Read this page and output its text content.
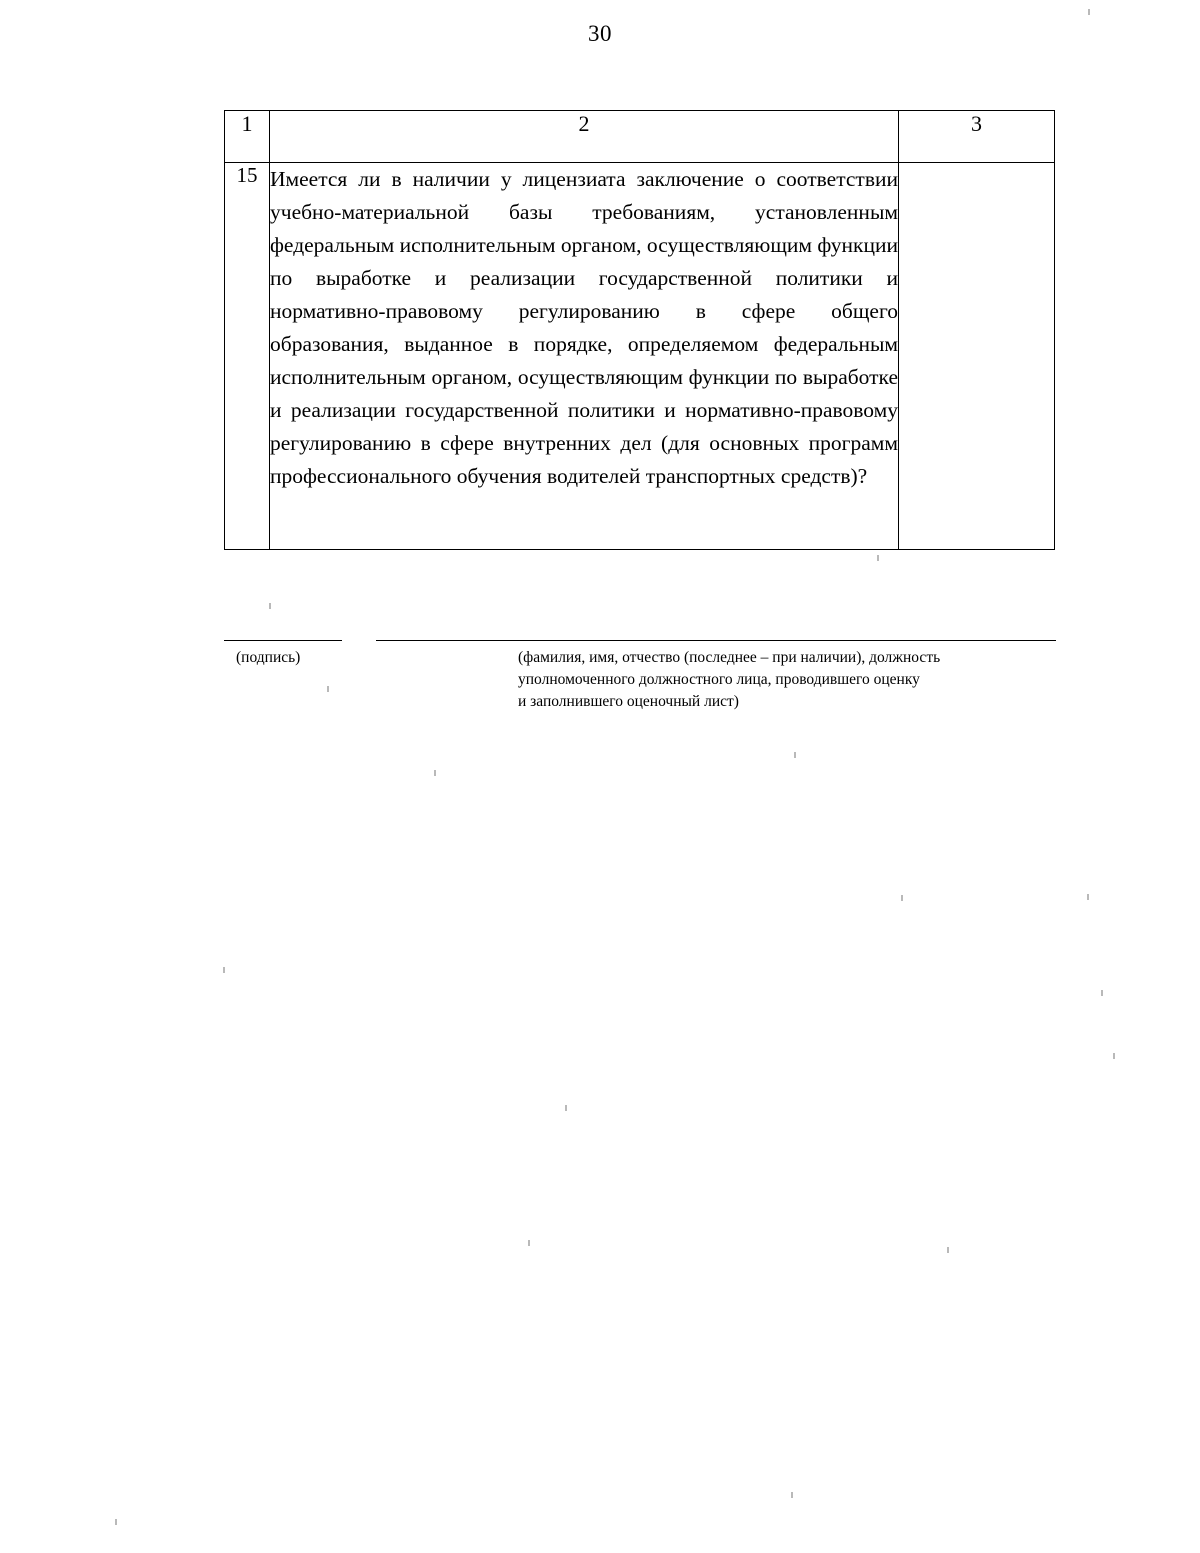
30
1	2	3
15	Имеется ли в наличии у лицензиата заключение о соответствии учебно-материальной базы требованиям, установленным федеральным исполнительным органом, осуществляющим функции по выработке и реализации государственной политики и нормативно-правовому регулированию в сфере общего образования, выданное в порядке, определяемом федеральным исполнительным органом, осуществляющим функции по выработке и реализации государственной политики и нормативно-правовому регулированию в сфере внутренних дел (для основных программ профессионального обучения водителей транспортных средств)?	

(подпись)	(фамилия, имя, отчество (последнее – при наличии), должность
уполномоченного должностного лица, проводившего оценку
и заполнившего оценочный лист)
